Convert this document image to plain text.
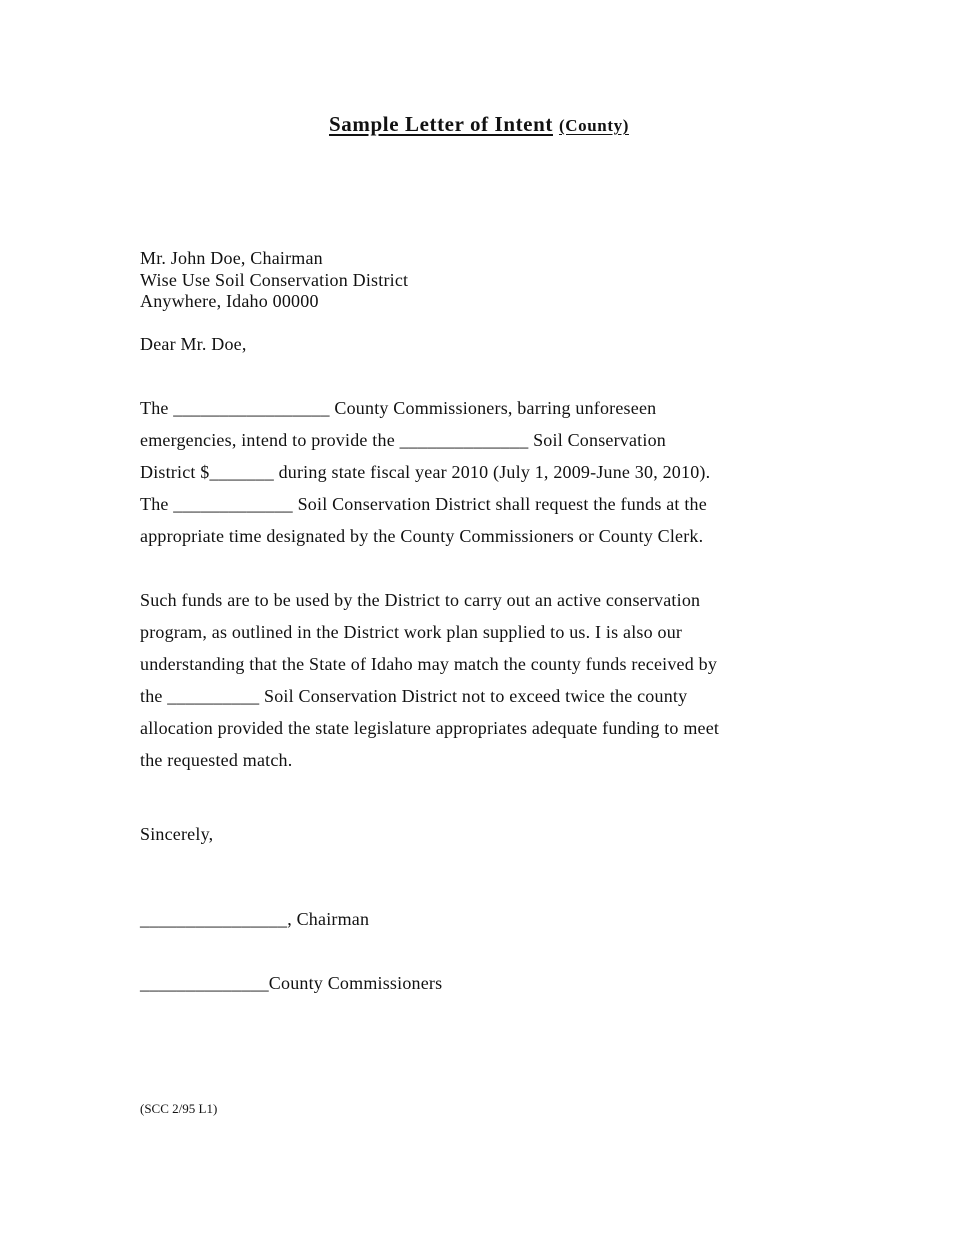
Sample Letter of Intent (County)
Mr. John Doe, Chairman
Wise Use Soil Conservation District
Anywhere, Idaho 00000
Dear Mr. Doe,
The _________________ County Commissioners, barring unforeseen
emergencies, intend to provide the ______________ Soil Conservation
District $_______ during state fiscal year 2010 (July 1, 2009-June 30, 2010).
The _____________ Soil Conservation District shall request the funds at the
appropriate time designated by the County Commissioners or County Clerk.
Such funds are to be used by the District to carry out an active conservation
program, as outlined in the District work plan supplied to us. I is also our
understanding that the State of Idaho may match the county funds received by
the __________ Soil Conservation District not to exceed twice the county
allocation provided the state legislature appropriates adequate funding to meet
the requested match.
Sincerely,
________________, Chairman
______________County Commissioners
(SCC 2/95 L1)
